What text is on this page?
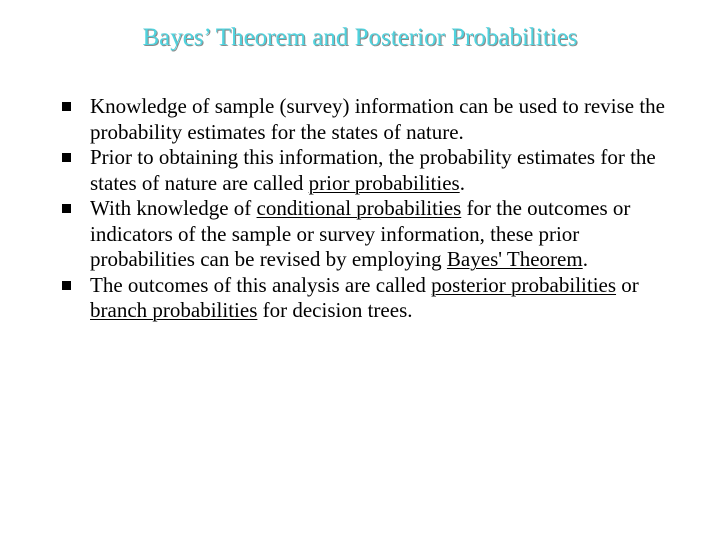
Bayes’ Theorem and Posterior Probabilities
Knowledge of sample (survey) information can be used to revise the probability estimates for the states of nature.
Prior to obtaining this information, the probability estimates for the states of nature are called prior probabilities.
With knowledge of conditional probabilities for the outcomes or indicators of the sample or survey information, these prior probabilities can be revised by employing Bayes' Theorem.
The outcomes of this analysis are called posterior probabilities or branch probabilities for decision trees.
